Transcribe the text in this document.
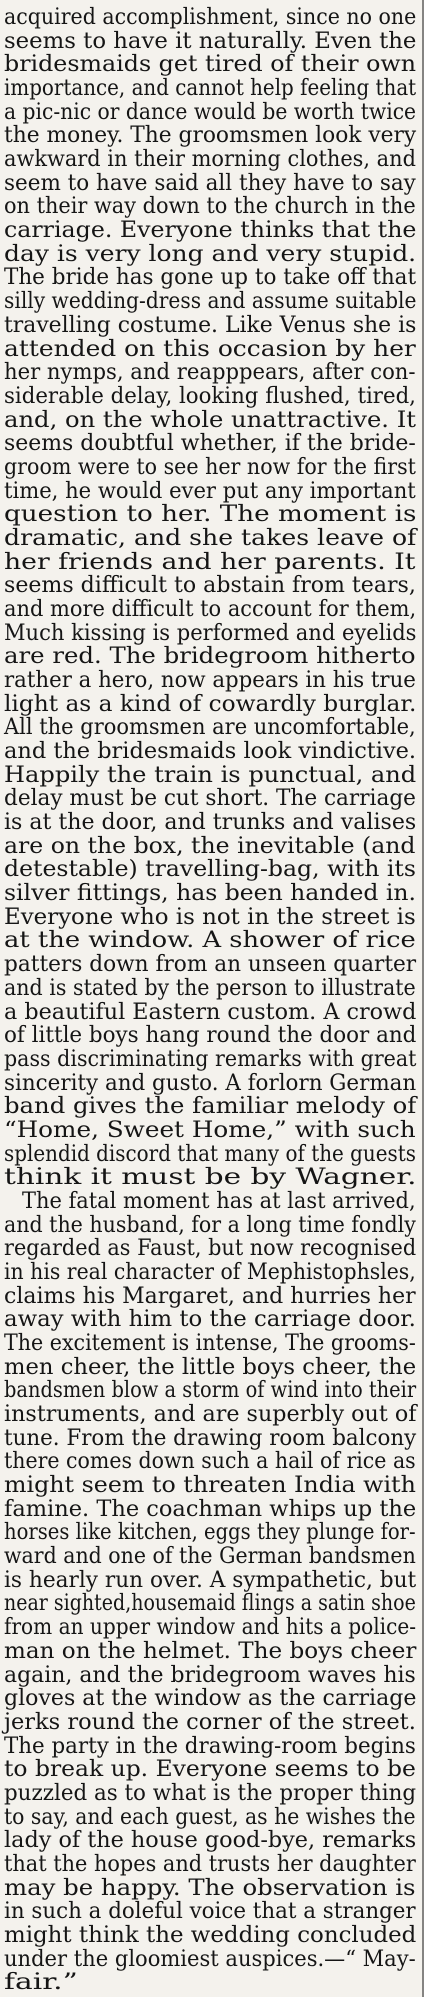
acquired accomplishment, since no one
seems to have it naturally. Even the
bridesmaids get tired of their own
importance, and cannot help feeling that
a pic-nic or dance would be worth twice
the money. The groomsmen look very
awkward in their morning clothes, and
seem to have said all they have to say
on their way down to the church in the
carriage. Everyone thinks that the
day is very long and very stupid.
The bride has gone up to take off that
silly wedding-dress and assume suitable
travelling costume. Like Venus she is
attended on this occasion by her
her nymps, and reapppears, after con-
siderable delay, looking flushed, tired,
and, on the whole unattractive. It
seems doubtful whether, if the bride-
groom were to see her now for the first
time, he would ever put any important
question to her. The moment is
dramatic, and she takes leave of
her friends and her parents. It
seems difficult to abstain from tears,
and more difficult to account for them,
Much kissing is performed and eyelids
are red. The bridegroom hitherto
rather a hero, now appears in his true
light as a kind of cowardly burglar.
All the groomsmen are uncomfortable,
and the bridesmaids look vindictive.
Happily the train is punctual, and
delay must be cut short. The carriage
is at the door, and trunks and valises
are on the box, the inevitable (and
detestable) travelling-bag, with its
silver fittings, has been handed in.
Everyone who is not in the street is
at the window. A shower of rice
patters down from an unseen quarter
and is stated by the person to illustrate
a beautiful Eastern custom. A crowd
of little boys hang round the door and
pass discriminating remarks with great
sincerity and gusto. A forlorn German
band gives the familiar melody of
“Home, Sweet Home,” with such
splendid discord that many of the guests
think it must be by Wagner.
The fatal moment has at last arrived,
and the husband, for a long time fondly
regarded as Faust, but now recognised
in his real character of Mephistophsles,
claims his Margaret, and hurries her
away with him to the carriage door.
The excitement is intense, The grooms-
men cheer, the little boys cheer, the
bandsmen blow a storm of wind into their
instruments, and are superbly out of
tune. From the drawing room balcony
there comes down such a hail of rice as
might seem to threaten India with
famine. The coachman whips up the
horses like kitchen, eggs they plunge for-
ward and one of the German bandsmen
is hearly run over. A sympathetic, but
near sighted,housemaid flings a satin shoe
from an upper window and hits a police-
man on the helmet. The boys cheer
again, and the bridegroom waves his
gloves at the window as the carriage
jerks round the corner of the street.
The party in the drawing-room begins
to break up. Everyone seems to be
puzzled as to what is the proper thing
to say, and each guest, as he wishes the
lady of the house good-bye, remarks
that the hopes and trusts her daughter
may be happy. The observation is
in such a doleful voice that a stranger
might think the wedding concluded
under the gloomiest auspices.—“ May-
fair.”
